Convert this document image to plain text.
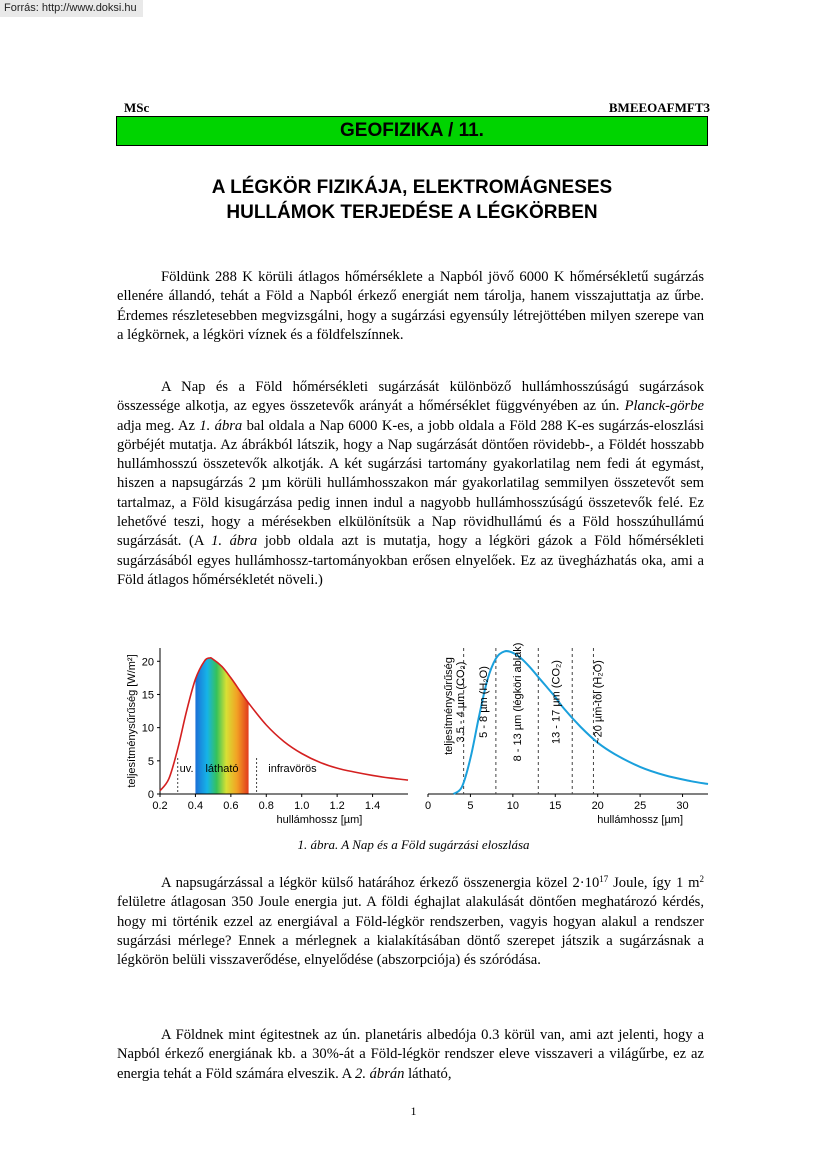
Forrás: http://www.doksi.hu
MSc	BMEEOAFMFT3
GEOFIZIKA / 11.
A LÉGKÖR FIZIKÁJA, ELEKTROMÁGNESES
HULLÁMOK TERJEDÉSE A LÉGKÖRBEN

Földünk 288 K körüli átlagos hőmérséklete a Napból jövő 6000 K hőmérsékletű sugárzás ellenére állandó, tehát a Föld a Napból érkező energiát nem tárolja, hanem visszajuttatja az űrbe. Érdemes részletesebben megvizsgálni, hogy a sugárzási egyensúly létrejöttében milyen szerepe van a légkörnek, a légköri víznek és a földfelszínnek.

A Nap és a Föld hőmérsékleti sugárzását különböző hullámhosszúságú sugárzások összessége alkotja, az egyes összetevők arányát a hőmérséklet függvényében az ún. Planck-görbe adja meg. Az 1. ábra bal oldala a Nap 6000 K-es, a jobb oldala a Föld 288 K-es sugárzás-eloszlási görbéjét mutatja. Az ábrákból látszik, hogy a Nap sugárzását döntően rövidebb-, a Földét hosszabb hullámhosszú összetevők alkotják. A két sugárzási tartomány gyakorlatilag nem fedi át egymást, hiszen a napsugárzás 2 µm körüli hullámhosszakon már gyakorlatilag semmilyen összetevőt sem tartalmaz, a Föld kisugárzása pedig innen indul a nagyobb hullámhosszúságú összetevők felé. Ez lehetővé teszi, hogy a mérésekben elkülönítsük a Nap rövidhullámú és a Föld hosszúhullámú sugárzását. (A 1. ábra jobb oldala azt is mutatja, hogy a légköri gázok a Föld hőmérsékleti sugárzásából egyes hullámhossz-tartományokban erősen elnyelőek. Ez az üvegházhatás oka, ami a Föld átlagos hőmérsékletét növeli.)

0
5
10
15
20
0.2 0.4 0.6 0.8 1.0 1.2 1.4
uv. látható	infravörös
teljesítménysűrűség [W/m²]
hullámhossz [µm]
0	5	10	15	20	25	30
3.5 - 4 µm (CO₂) 5 - 8 µm (H₂O) 8 - 13 µm (légköri ablak) 13 - 17 µm (CO₂)	~20 µm-től (H₂O)
teljesítménysűrűség
hullámhossz [µm]
1. ábra. A Nap és a Föld sugárzási eloszlása

A napsugárzással a légkör külső határához érkező összenergia közel $2\cdot 10^{17}$ Joule, így 1 $m^2$ felületre átlagosan 350 Joule energia jut. A földi éghajlat alakulását döntően meghatározó kérdés, hogy mi történik ezzel az energiával a Föld-légkör rendszerben, vagyis hogyan alakul a rendszer sugárzási mérlege? Ennek a mérlegnek a kialakításában döntő szerepet játszik a sugárzásnak a légkörön belüli visszaverődése, elnyelődése (abszorpciója) és szóródása.

A Földnek mint égitestnek az ún. planetáris albedója 0.3 körül van, ami azt jelenti, hogy a Napból érkező energiának kb. a 30%-át a Föld-légkör rendszer eleve visszaveri a világűrbe, ez az energia tehát a Föld számára elveszik. A 2. ábrán látható,

1
